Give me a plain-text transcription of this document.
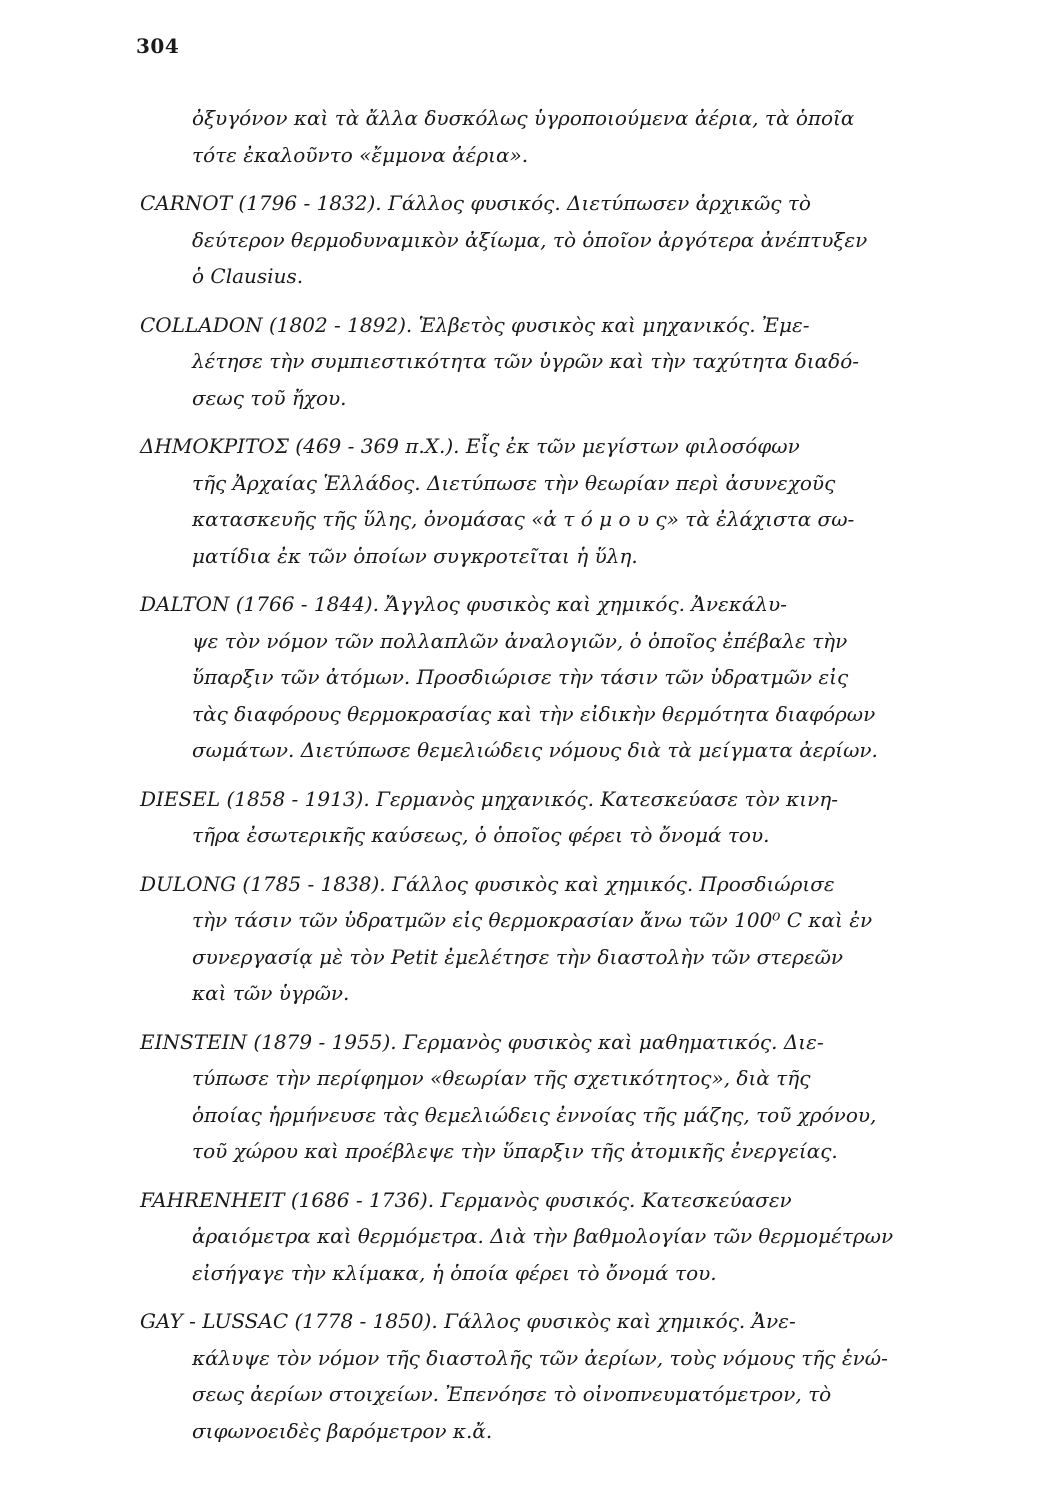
304
ὀξυγόνον καὶ τὰ ἄλλα δυσκόλως ὑγροποιούμενα ἀέρια, τὰ ὁποῖα
τότε ἐκαλοῦντο «ἔμμονα ἀέρια».
CARNOT (1796 - 1832). Γάλλος φυσικός. Διετύπωσεν ἀρχικῶς τὸ
δεύτερον θερμοδυναμικὸν ἀξίωμα, τὸ ὁποῖον ἀργότερα ἀνέπτυξεν
ὁ Clausius.
COLLADON (1802 - 1892). Ἑλβετὸς φυσικὸς καὶ μηχανικός. Ἐμε-
λέτησε τὴν συμπιεστικότητα τῶν ὑγρῶν καὶ τὴν ταχύτητα διαδό-
σεως τοῦ ἤχου.
ΔΗΜΟΚΡΙΤΟΣ (469 - 369 π.Χ.). Εἷς ἐκ τῶν μεγίστων φιλοσόφων
τῆς Ἀρχαίας Ἑλλάδος. Διετύπωσε τὴν θεωρίαν περὶ ἀσυνεχοῦς
κατασκευῆς τῆς ὕλης, ὀνομάσας «ἀ τ ό μ ο υ ς» τὰ ἐλάχιστα σω-
ματίδια ἐκ τῶν ὁποίων συγκροτεῖται ἡ ὕλη.
DALTON (1766 - 1844). Ἄγγλος φυσικὸς καὶ χημικός. Ἀνεκάλυ-
ψε τὸν νόμον τῶν πολλαπλῶν ἀναλογιῶν, ὁ ὁποῖος ἐπέβαλε τὴν
ὕπαρξιν τῶν ἀτόμων. Προσδιώρισε τὴν τάσιν τῶν ὑδρατμῶν εἰς
τὰς διαφόρους θερμοκρασίας καὶ τὴν εἰδικὴν θερμότητα διαφόρων
σωμάτων. Διετύπωσε θεμελιώδεις νόμους διὰ τὰ μείγματα ἀερίων.
DIESEL (1858 - 1913). Γερμανὸς μηχανικός. Κατεσκεύασε τὸν κινη-
τῆρα ἐσωτερικῆς καύσεως, ὁ ὁποῖος φέρει τὸ ὄνομά του.
DULONG (1785 - 1838). Γάλλος φυσικὸς καὶ χημικός. Προσδιώρισε
τὴν τάσιν τῶν ὑδρατμῶν εἰς θερμοκρασίαν ἄνω τῶν 100⁰ C καὶ ἐν
συνεργασίᾳ μὲ τὸν Petit ἐμελέτησε τὴν διαστολὴν τῶν στερεῶν
καὶ τῶν ὑγρῶν.
EINSTEIN (1879 - 1955). Γερμανὸς φυσικὸς καὶ μαθηματικός. Διε-
τύπωσε τὴν περίφημον «θεωρίαν τῆς σχετικότητος», διὰ τῆς
ὁποίας ἡρμήνευσε τὰς θεμελιώδεις ἐννοίας τῆς μάζης, τοῦ χρόνου,
τοῦ χώρου καὶ προέβλεψε τὴν ὕπαρξιν τῆς ἀτομικῆς ἐνεργείας.
FAHRENHEIT (1686 - 1736). Γερμανὸς φυσικός. Κατεσκεύασεν
ἀραιόμετρα καὶ θερμόμετρα. Διὰ τὴν βαθμολογίαν τῶν θερμομέτρων
εἰσήγαγε τὴν κλίμακα, ἡ ὁποία φέρει τὸ ὄνομά του.
GAY - LUSSAC (1778 - 1850). Γάλλος φυσικὸς καὶ χημικός. Ἀνε-
κάλυψε τὸν νόμον τῆς διαστολῆς τῶν ἀερίων, τοὺς νόμους τῆς ἑνώ-
σεως ἀερίων στοιχείων. Ἐπενόησε τὸ οἰνοπνευματόμετρον, τὸ
σιφωνοειδὲς βαρόμετρον κ.ἄ.
